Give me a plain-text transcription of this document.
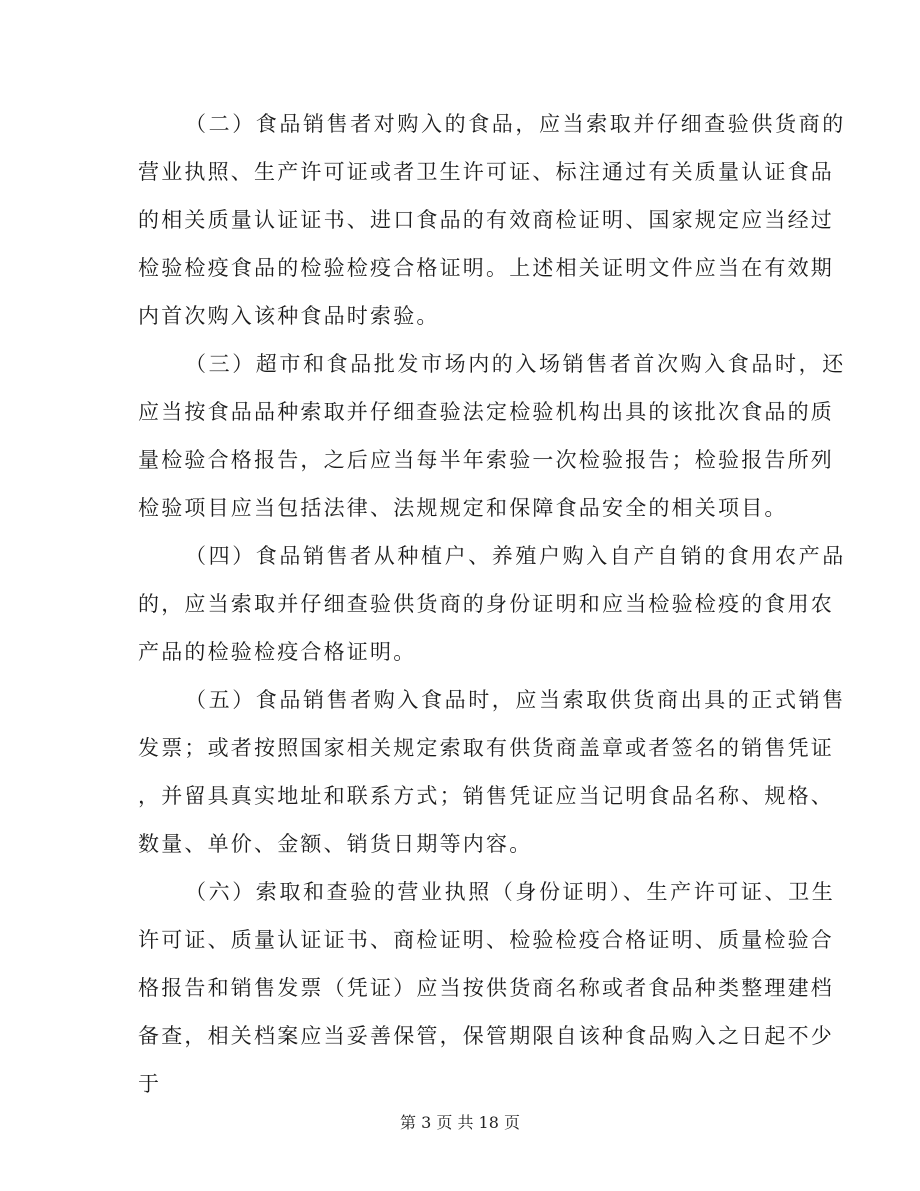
（二）食品销售者对购入的食品，应当索取并仔细查验供货商的
营业执照、生产许可证或者卫生许可证、标注通过有关质量认证食品
的相关质量认证证书、进口食品的有效商检证明、国家规定应当经过
检验检疫食品的检验检疫合格证明。上述相关证明文件应当在有效期
内首次购入该种食品时索验。
（三）超市和食品批发市场内的入场销售者首次购入食品时，还
应当按食品品种索取并仔细查验法定检验机构出具的该批次食品的质
量检验合格报告，之后应当每半年索验一次检验报告；检验报告所列
检验项目应当包括法律、法规规定和保障食品安全的相关项目。
（四）食品销售者从种植户、养殖户购入自产自销的食用农产品
的，应当索取并仔细查验供货商的身份证明和应当检验检疫的食用农
产品的检验检疫合格证明。
（五）食品销售者购入食品时，应当索取供货商出具的正式销售
发票；或者按照国家相关规定索取有供货商盖章或者签名的销售凭证
，并留具真实地址和联系方式；销售凭证应当记明食品名称、规格、
数量、单价、金额、销货日期等内容。
（六）索取和查验的营业执照（身份证明）、生产许可证、卫生
许可证、质量认证证书、商检证明、检验检疫合格证明、质量检验合
格报告和销售发票（凭证）应当按供货商名称或者食品种类整理建档
备查，相关档案应当妥善保管，保管期限自该种食品购入之日起不少
于
第 3 页 共 18 页
